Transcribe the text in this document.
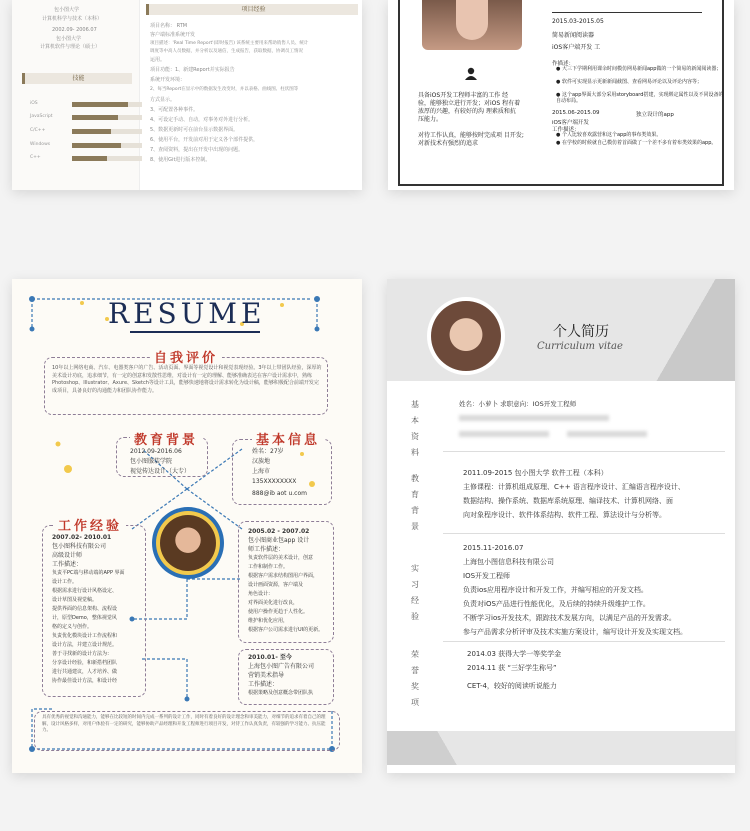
包小图大学
计算机科学与技术（本科）
2002.09- 2006.07
包小图大学
计算机软件与理论（硕士）
技能
iOS
JavaScript
C/C++
Windows
C++
项目经验
项目名称： RTM
客户端标准系统开发
项目描述：'Real Time Report'(即时报告) 该系统主要用来帮助销售人员、统计
调度等中高人员数据，并分析以及通信，生成报告，获取数据，协调员工情况
运用。
项目功能：1、新建Report并实际报告
系统开发环境：
2、每当Report在显示中的数据发生改变时，并以表格、曲线图、柱状图等
方式显示。
3、可配置各种事件。
4、可设定手动、自动，对事务对外进行分析。
5、数据更新时可在前台显示数据界面。
6、使用平台，开发前对用于定义各个部件提供，
7、查阅资料，提出在开发中出现的问题。
8、使用Git进行版本控制。
具备iOS开发工程师丰富的工作 经
验，能够独立进行开发；对iOS 程有着
浓厚的兴趣，有较好的沟 理素质和抗
压能力。
对待工作认真，能够按时完成项 目开发;
对新技术有强烈的追求
2015.03-2015.05
简易新闻阅读器
iOS客户端开发 工
作描述：
● 大三下学期利用课余时间模仿网易新闻app做的一个简易的新闻阅读器；
● 软件可实现显示更新新闻截图、查看网易评论以及评论内容等；
● 这个app界面大部分采用storyboard搭建，实现绑定属性以及不同设备的自动布局。
2015.06-2015.09	独立设计的app
iOS客户端开发
工作描述：
● 个人比较喜欢露营和这个app的事布类效果。
● 在学校的时候就自己模仿着首面做了一个差不多有着布类效果的app。
RESUME
自我评价
10年以上网络电商、汽车、电器类客户的广告、活动页面、界面等视觉设计和视觉表现经验。3年以上带团队经验，深厚的美术设计功底，追求细节，有一定的创意和发散性思维，对设计有一定的理解、能够准确表达在客户设计需求中，熟练Photoshop、Illustrator、Axure、Sketch等设计工具，能够快速地将设计需求转化为设计稿，能够积极配合前端开发完成项目，具备良好的沟通能力和团队协作能力。
教育背景
2012.09-2016.06
包小图服装学院
视觉传达设计（大专）
基本信息
姓名：27岁
汉族地
上海市
135XXXXXXXX
888@ib aot u.com
工作经验
2007.02- 2010.01
包小图科技有限公司
高级设计师
工作描述：
负责平PC端与移动端的APP 界面
设计工作。
根据需求进行设计风格设定、
设计草图及视觉稿。
提供界面的信息架构、流程设
计，原型Demo，整体视觉风
格的定义与创作。
负责优化模块设计工作流程和
设计方法，并建立设计规范。
善于寻找新的设计方法为：
分享设计经验，和新搭档团队
进行共通建议，人才培养、做
协作最佳设计方法，和设计经
2005.02 - 2007.02
包小图商业包app 设计
师工作描述：
负责软件层的美术设计，创意
工作和制作工作。
根据客户需求结构图用户界面，
设计画面资源，客户端及
角色设计：
对界面美化进行改良，
使用户操作更趋于人性化。
维护和优化应用，
根据客户公司需求进行UI的更新。
2010.01- 至今
上海包小图广告有限公司
营销美术指导
工作描述：
根据策略及创意概念带团队执
具有优秀的视觉和沟通能力，能够在比较短的时间内完成一系列的设计工作，同时有着良好的设计理念和审美能力，对细节的追求有着自己的理解，设计风格多样，对用户体验有一定的研究，能够协助产品经理和开发工程师进行项目开发，对待工作认真负责，有较强的学习能力、抗压能力。
个人简历
Curriculum vitae
基本资料
姓名：小萝卜 求职意向：IOS开发工程师
教育背景
2011.09-2015 包小图大学 软件工程（本科）
主修课程：计算机组成原理、C++ 语言程序设计、汇编语言程序设计、
数据结构、操作系统、数据库系统原理、编译技术、计算机网络、面
向对象程序设计、软件体系结构、软件工程、算法设计与分析等。
实习经验
2015.11-2016.07
上海包小图信息科技有限公司
IOS开发工程师
负责ios应用程序设计和开发工作，并编写相应的开发文档。
负责对iOS产品进行性能优化，及后续的持续升级维护工作。
不断学习ios开发技术，跟踪技术发展方向，以满足产品的开发需求。
参与产品需求分析评审及技术实施方案设计，编写设计开发及实现文档。
荣誉奖项
2014.03 获得大学一等奖学金
2014.11 获 “三好学生称号”
CET-4，较好的阅读听说能力
